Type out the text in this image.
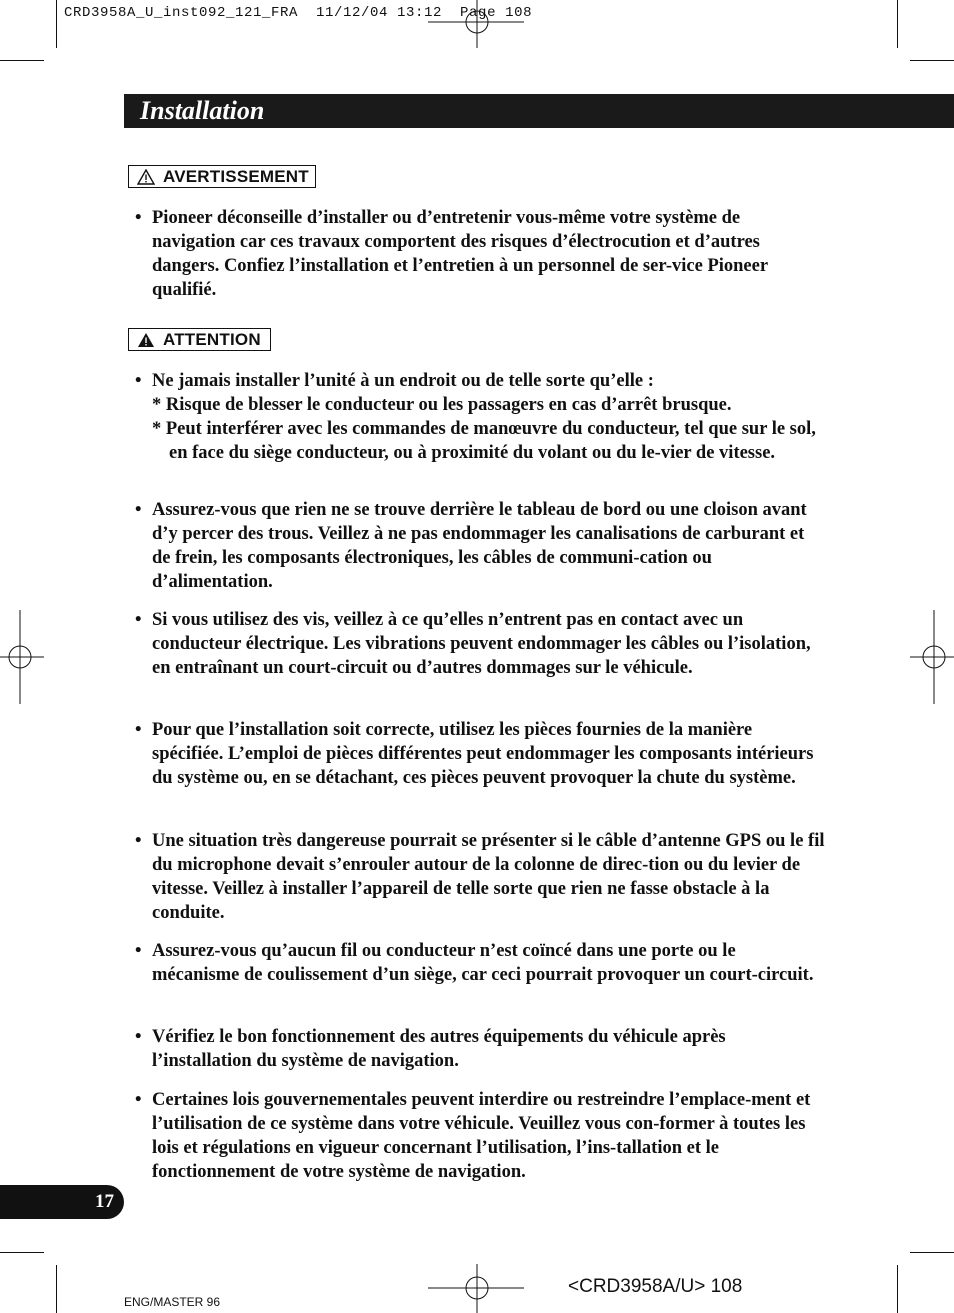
CRD3958A_U_inst092_121_FRA  11/12/04 13:12  Page 108
Installation
AVERTISSEMENT
• Pioneer déconseille d’installer ou d’entretenir vous-même votre système de navigation car ces travaux comportent des risques d’électrocution et d’autres dangers. Confiez l’installation et l’entretien à un personnel de ser-vice Pioneer qualifié.
ATTENTION
• Ne jamais installer l’unité à un endroit ou de telle sorte qu’elle :
* Risque de blesser le conducteur ou les passagers en cas d’arrêt brusque.
* Peut interférer avec les commandes de manœuvre du conducteur, tel que sur le sol, en face du siège conducteur, ou à proximité du volant ou du le-vier de vitesse.
• Assurez-vous que rien ne se trouve derrière le tableau de bord ou une cloison avant d’y percer des trous. Veillez à ne pas endommager les canalisations de carburant et de frein, les composants électroniques, les câbles de communi-cation ou d’alimentation.
• Si vous utilisez des vis, veillez à ce qu’elles n’entrent pas en contact avec un conducteur électrique. Les vibrations peuvent endommager les câbles ou l’isolation, en entraînant un court-circuit ou d’autres dommages sur le véhicule.
• Pour que l’installation soit correcte, utilisez les pièces fournies de la manière spécifiée. L’emploi de pièces différentes peut endommager les composants intérieurs du système ou, en se détachant, ces pièces peuvent provoquer la chute du système.
• Une situation très dangereuse pourrait se présenter si le câble d’antenne GPS ou le fil du microphone devait s’enrouler autour de la colonne de direc-tion ou du levier de vitesse. Veillez à installer l’appareil de telle sorte que rien ne fasse obstacle à la conduite.
• Assurez-vous qu’aucun fil ou conducteur n’est coïncé dans une porte ou le mécanisme de coulissement d’un siège, car ceci pourrait provoquer un court-circuit.
• Vérifiez le bon fonctionnement des autres équipements du véhicule après l’installation du système de navigation.
• Certaines lois gouvernementales peuvent interdire ou restreindre l’emplace-ment et l’utilisation de ce système dans votre véhicule. Veuillez vous con-former à toutes les lois et régulations en vigueur concernant l’utilisation, l’ins-tallation et le fonctionnement de votre système de navigation.
17
<CRD3958A/U> 108
ENG/MASTER 96
